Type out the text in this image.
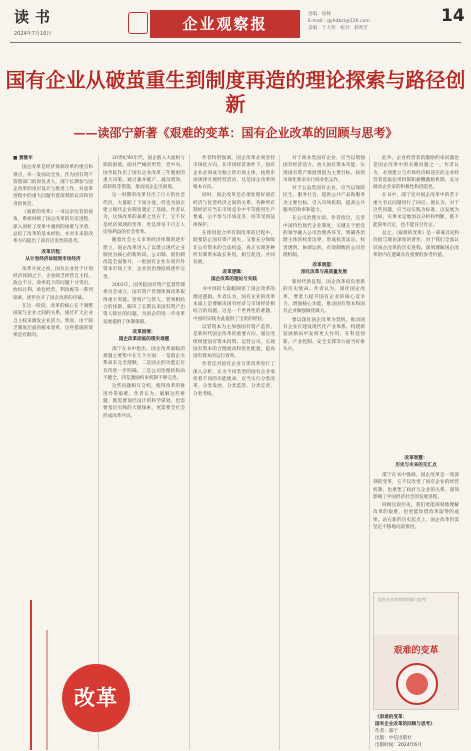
读书
2024年7月16日
企业观察报
责编：徐林
E-mail：qyhdbcl@126.com
美编：于大伟　校对：郝秀芳
14
国有企业从破茧重生到制度再造的理论探索与路径创新
——读邵宁新著《艰难的变革：国有企业改革的回顾与思考》

■ 黄雅年

国企改革是经济体制改革的重点和难点，牵一发而动全身。作为国有资产管理部门的原负责人，邵宁长期参与国企改革的顶层设计与推进工作，对改革进程中的重大问题有着深刻的认识和切身的体会。

《艰难的变革》一书以亲历者的视角，系统回顾了国企改革的历史进程，深入剖析了改革中遇到的困难与矛盾，总结了改革的基本经验，并对未来的改革方向提出了富有启发性的思考。

改革历程：
从计划经济体制到市场经济

改革开放之初，国有企业处于计划经济体制之下，企业缺乏经营自主权，政企不分、效率低下的问题十分突出。放权让利、承包经营、利改税等一系列探索，逐步拉开了国企改革的序幕。

在这一阶段，改革的核心在于调整国家与企业之间的关系，通过扩大企业自主权来激发企业活力。然而，由于缺乏制度层面的根本变革，这些措施的效果是有限的。

20世纪90年代，国企陷入大面积亏损的困境。面对严峻的形势，党中央、国务院作出了国有企业改革三年脱困的重大决策，通过兼并破产、减员增效、债转股等措施，推动国企走出困境。

这一时期的改革付出了巨大的社会代价，大量职工下岗分流，但也为国企建立现代企业制度奠定了基础。作者认为，这场改革的艰难之处在于，它不仅是经济领域的变革，更是涉及千百万人切身利益的社会变革。

随着社会主义市场经济体制的逐步建立，国企改革进入了以建立现代企业制度为核心的新阶段。公司制、股份制改造全面推开，一批国有企业在境内外资本市场上市，企业的治理结构逐步完善。

2003年，国务院国有资产监督管理委员会成立，国有资产管理体制改革取得重大突破。管资产与管人、管事相结合的体制，解决了长期以来国有资产出资人缺位的问题，为国企的进一步改革发展提供了体制保障。

改革困境：
国企改革面临的现实难题

邵宁在书中指出，国企改革面临的难题主要集中在几个方面：一是政企关系尚未完全理顺，二是国企的功能定位有待进一步明确，三是公司治理结构尚不健全，四是激励约束机制不够完善。

这些问题相互交织，使得改革的推进异常艰难。作者认为，破解这些难题，既需要顶层设计的科学谋划，也需要基层实践的大胆探索，更需要全社会形成改革共识。

作者特别强调，国企改革必须坚持市场化方向。在市场经济条件下，国有企业必须成为独立的市场主体，按照市场规律开展经营活动，这是国企改革的根本方向。

同时，国企改革还必须处理好国有经济与民营经济之间的关系。各种所有制经济应当在市场竞争中平等使用生产要素，公平参与市场竞争，同等受到法律保护。

在推进混合所有制改革的过程中，既要防止国有资产流失，又要充分保障非公有资本的合法权益，真正实现各种所有制资本取长补短、相互促进、共同发展。

改革逻辑：
国企改革的理论与实践

书中用较大篇幅阐述了国企改革的理论逻辑。作者认为，国有企业的改革本质上是要解决国有经济与市场经济相结合的问题，这是一个世界性的难题，中国的实践为此提供了宝贵的经验。

以管资本为主加强国有资产监管，是新时代国企改革的重要方向。通过改组组建国有资本投资、运营公司，实现国有资本的合理流动和优化配置，提高国有资本的运行效率。

作者还对国有企业分类改革进行了深入分析，认为不同类型的国有企业承担着不同的功能使命，应当实行分类改革、分类发展、分类监管、分类定责、分类考核。

对于商业类国有企业，应当以增强国有经济活力、放大国有资本功能、实现国有资产保值增值为主要目标，按照市场化要求实行商业化运作。

对于公益类国有企业，应当以保障民生、服务社会、提供公共产品和服务为主要目标，引入市场机制，提高公共服务的效率和能力。

在公司治理方面，作者指出，完善中国特色现代企业制度，关键在于把党的领导融入公司治理各环节，明确各治理主体的权责边界，形成权责法定、权责透明、协调运转、有效制衡的公司治理机制。

改革展望：
深化改革与高质量发展

新时代新征程，国企改革肩负着新的历史使命。作者认为，深化国企改革，要着力提升国有企业的核心竞争力，增强核心功能，推动国有资本和国有企业做强做优做大。

要以深化国企改革为契机，推动国有企业在建设现代化产业体系、构建新发展格局中发挥更大作用，在科技创新、产业控制、安全支撑等方面当好排头兵。

此外，企业经营者的激励约束问题也是国企改革中的关键问题之一。作者认为，必须建立与市场经济相适应的企业经营者选拔任用机制和薪酬激励机制，充分调动企业家的积极性和创造性。

在书中，邵宁还对国企改革中的若干重大争议问题进行了回应。他认为，对于这些问题，应当以实践为标准，以发展为目标，实事求是地加以分析和判断，既不能简单否定，也不能盲目肯定。

总之，《艰难的变革》是一部兼具史料价值与理论深度的著作，对于我们全面认识国企改革的历史进程、深刻理解国企改革的内在逻辑具有重要的参考价值。

改革智慧：
历史与未来的交汇点

邵宁在书中强调，国企改革是一场深刻的变革，它不仅改变了国有企业的经营机制，也重塑了政府与企业的关系，深刻影响了中国经济社会的发展进程。

回顾这段历史，我们更能深刻地理解改革的艰难，也更能珍惜改革取得的成果。站在新的历史起点上，国企改革仍需坚定不移地向前推进。

改革
国有企业改革的回顾与思考
艰难的变革
《艰难的变革：
国有企业改革的回顾与思考》
作者：邵宁
出版：中信出版社
出版时间：2024年6月
